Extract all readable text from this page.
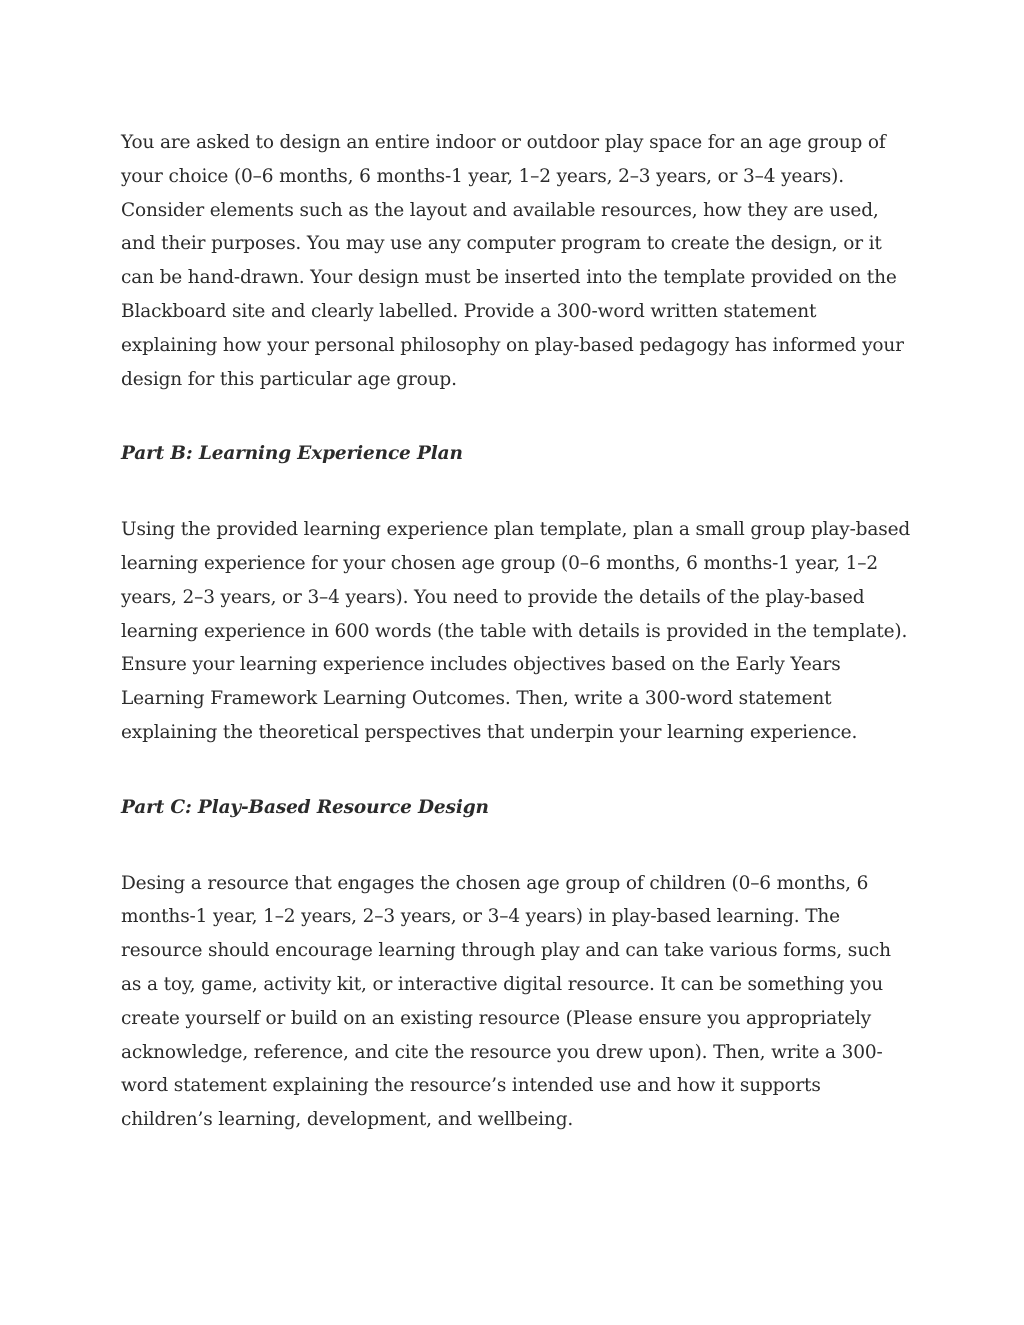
You are asked to design an entire indoor or outdoor play space for an age group of your choice (0–6 months, 6 months-1 year, 1–2 years, 2–3 years, or 3–4 years). Consider elements such as the layout and available resources, how they are used, and their purposes. You may use any computer program to create the design, or it can be hand-drawn. Your design must be inserted into the template provided on the Blackboard site and clearly labelled. Provide a 300-word written statement explaining how your personal philosophy on play-based pedagogy has informed your design for this particular age group.

Part B: Learning Experience Plan

Using the provided learning experience plan template, plan a small group play-based learning experience for your chosen age group (0–6 months, 6 months-1 year, 1–2 years, 2–3 years, or 3–4 years). You need to provide the details of the play-based learning experience in 600 words (the table with details is provided in the template). Ensure your learning experience includes objectives based on the Early Years Learning Framework Learning Outcomes. Then, write a 300-word statement explaining the theoretical perspectives that underpin your learning experience.

Part C: Play-Based Resource Design

Desing a resource that engages the chosen age group of children (0–6 months, 6 months-1 year, 1–2 years, 2–3 years, or 3–4 years) in play-based learning. The resource should encourage learning through play and can take various forms, such as a toy, game, activity kit, or interactive digital resource. It can be something you create yourself or build on an existing resource (Please ensure you appropriately acknowledge, reference, and cite the resource you drew upon). Then, write a 300-word statement explaining the resource’s intended use and how it supports children’s learning, development, and wellbeing.
